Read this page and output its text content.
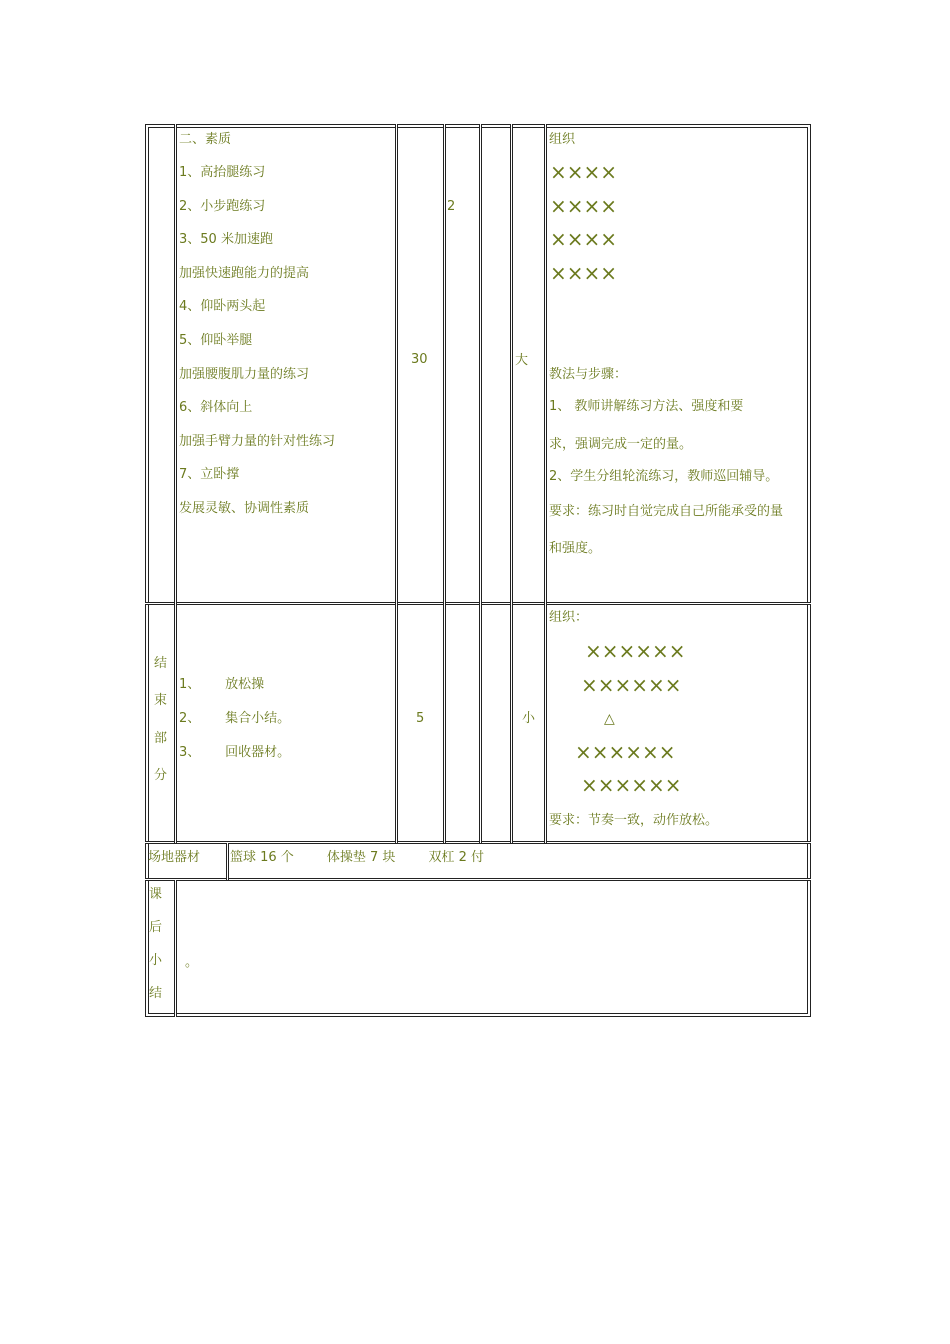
二、素质
1、高抬腿练习
2、小步跑练习
3、50 米加速跑
加强快速跑能力的提高
4、仰卧两头起
5、仰卧举腿
加强腰腹肌力量的练习
6、斜体向上
加强手臂力量的针对性练习
7、立卧撑
发展灵敏、协调性素质
30
2
大
组织
××××
××××
××××
××××
教法与步骤：
1、 教师讲解练习方法、强度和要
求，强调完成一定的量。
2、学生分组轮流练习，教师巡回辅导。
要求：练习时自觉完成自己所能承受的量
和强度。
结
束
部
分
1、      放松操
2、      集合小结。
3、      回收器材。
5	小
组织：
××××××
××××××
△
××××××
××××××
要求：节奏一致，动作放松。
场地器材 篮球 16 个        体操垫 7 块        双杠 2 付
课
后
小
结
。
